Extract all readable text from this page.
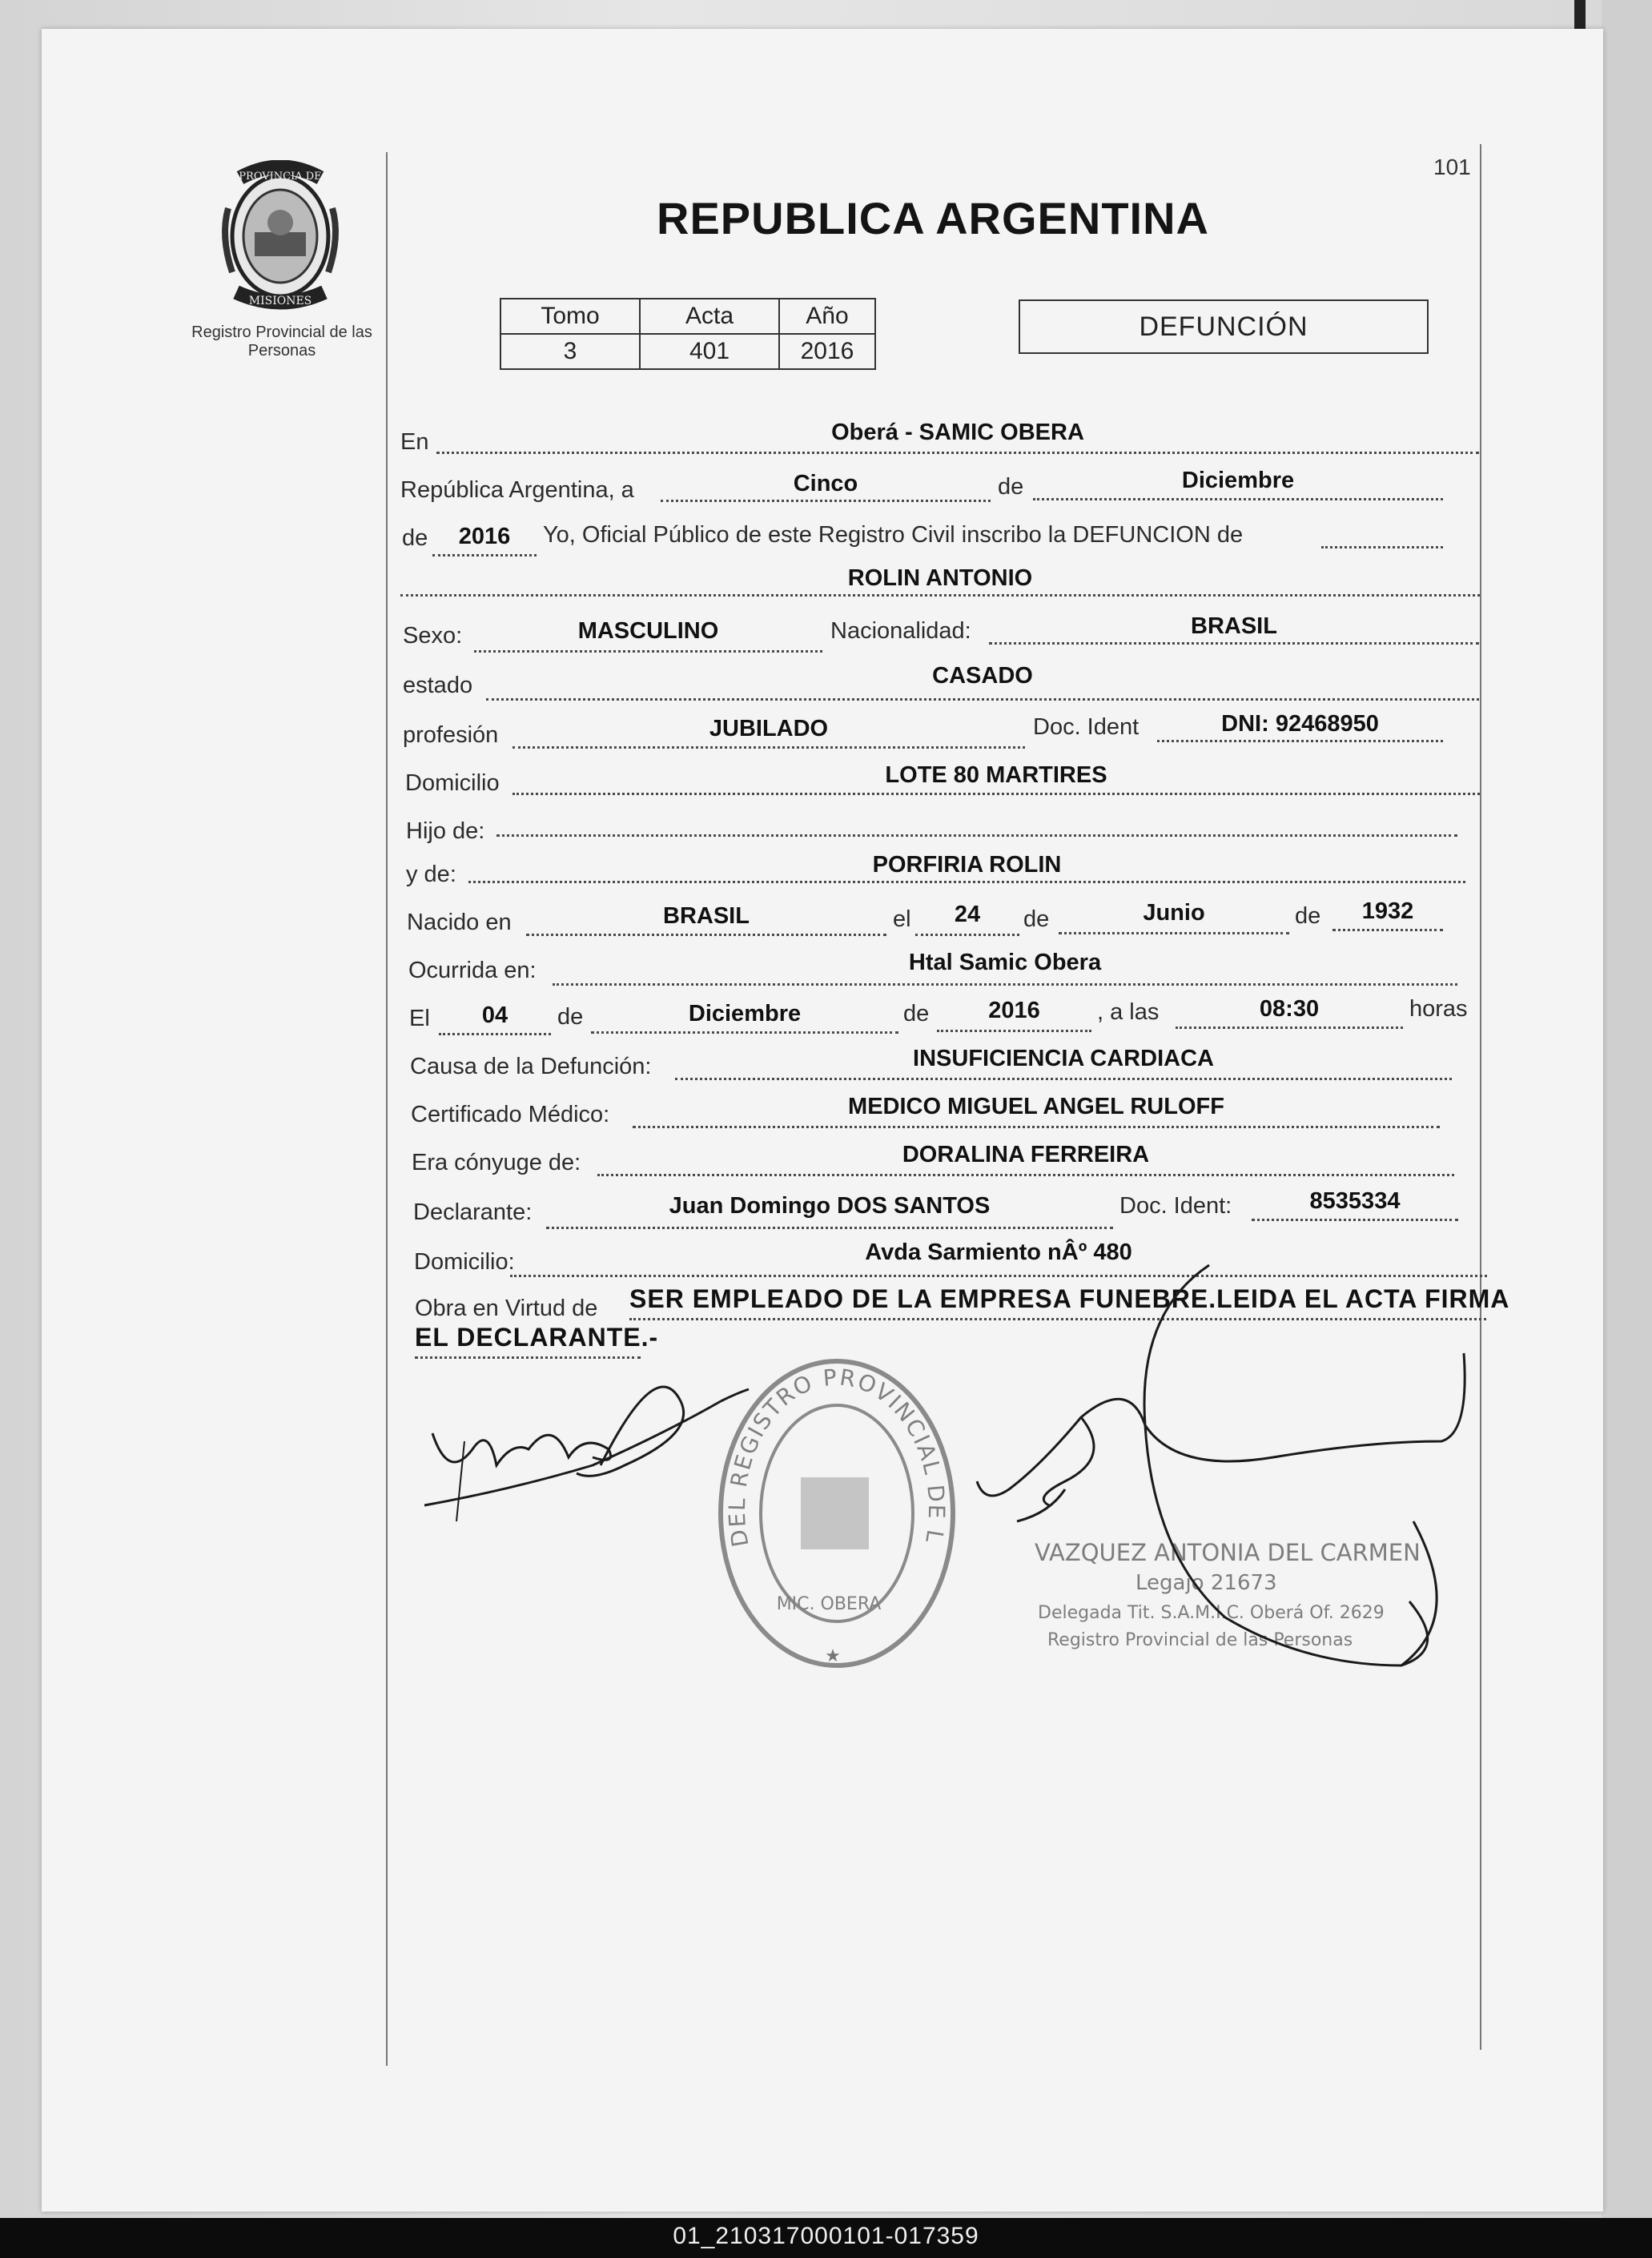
101
PROVINCIA DE
MISIONES
Registro Provincial de las Personas
REPUBLICA ARGENTINA
Tomo	Acta	Año
3	401	2016
DEFUNCIÓN
En	Oberá - SAMIC OBERA
República Argentina, a	Cinco	de	Diciembre
de	2016	Yo, Oficial Público de este Registro Civil inscribo la DEFUNCION de
ROLIN ANTONIO
Sexo:	MASCULINO	Nacionalidad:	BRASIL
estado	CASADO
profesión	JUBILADO	Doc. Ident	DNI: 92468950
Domicilio	LOTE 80 MARTIRES
Hijo de:
y de:	PORFIRIA ROLIN
Nacido en	BRASIL	el	24	de	Junio	de	1932
Ocurrida en:	Htal Samic Obera
El	04	de	Diciembre	de	2016	, a las	08:30	horas
Causa de la Defunción:	INSUFICIENCIA CARDIACA
Certificado Médico:	MEDICO MIGUEL ANGEL RULOFF
Era cónyuge de:	DORALINA FERREIRA
Declarante:	Juan Domingo DOS SANTOS	Doc. Ident:	8535334
Domicilio:	Avda Sarmiento nÂº 480
Obra en Virtud de SER EMPLEADO DE LA EMPRESA FUNEBRE.LEIDA EL ACTA FIRMA
EL DECLARANTE.-
DEL REGISTRO PROVINCIAL DE L
MIC. OBERA
★
VAZQUEZ ANTONIA DEL CARMEN
Legajo 21673
Delegada Tit. S.A.M.I.C. Oberá Of. 2629
Registro Provincial de las Personas
01_210317000101-017359
